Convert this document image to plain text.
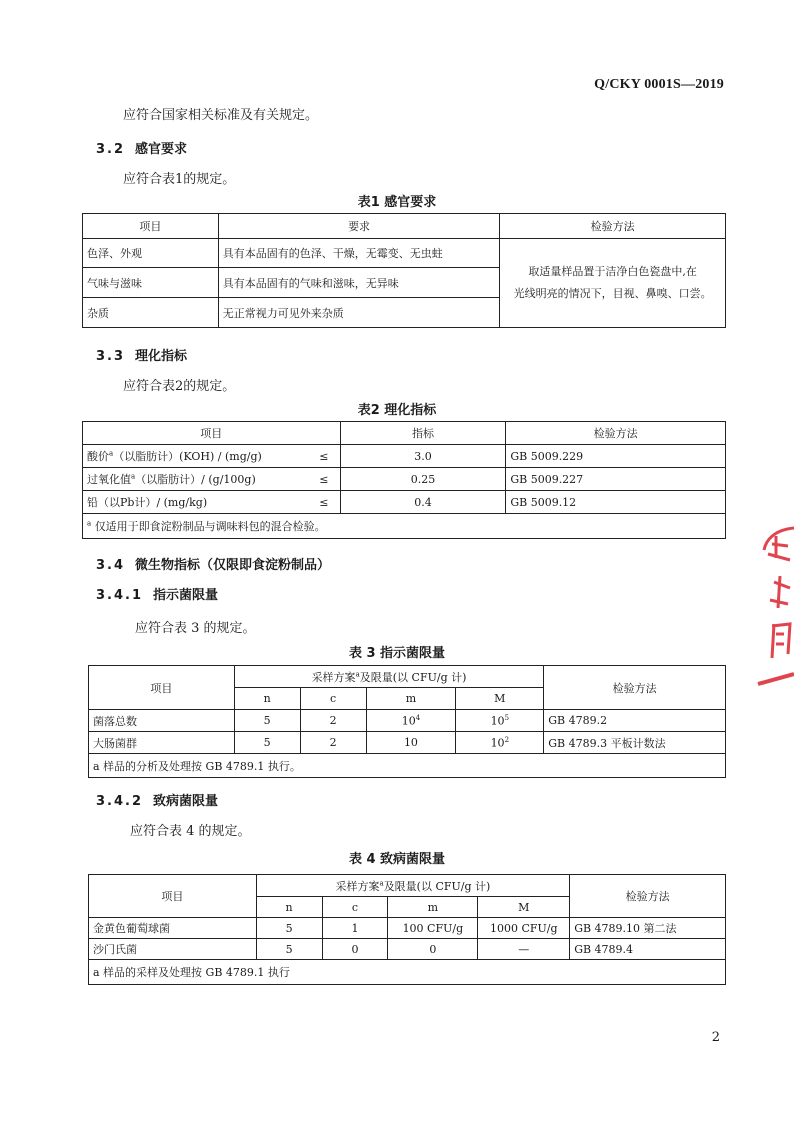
Q/CKY 0001S—2019
应符合国家相关标准及有关规定。
3.2 感官要求
应符合表1的规定。
表1 感官要求
项目	要求	检验方法
色泽、外观	具有本品固有的色泽、干燥，无霉变、无虫蛀	取适量样品置于洁净白色瓷盘中,在
光线明亮的情况下，目视、鼻嗅、口尝。

气味与滋味	具有本品固有的气味和滋味，无异味	
杂质	无正常视力可见外来杂质	
3.3 理化指标
应符合表2的规定。
表2 理化指标
项目		指标	检验方法
酸价$^a$（以脂肪计）(KOH) / (mg/g)	≤	3.0	GB 5009.229
过氧化值$^a$（以脂肪计）/ (g/100g)	≤	0.25	GB 5009.227
铅（以Pb计）/ (mg/kg)	≤	0.4	GB 5009.12
$^a$ 仅适用于即食淀粉制品与调味料包的混合检验。			
3.4 微生物指标（仅限即食淀粉制品）
3.4.1 指示菌限量
应符合表 3 的规定。
表 3 指示菌限量
项目	采样方案$^a$及限量(以 CFU/g 计)				检验方法
	n	c	m	M	
菌落总数	5	2	$10^4$	$10^5$	GB 4789.2
大肠菌群	5	2	10	$10^2$	GB 4789.3 平板计数法
a 样品的分析及处理按 GB 4789.1 执行。					
3.4.2 致病菌限量
应符合表 4 的规定。
表 4 致病菌限量
项目	采样方案$^a$及限量(以 CFU/g 计)				检验方法
	n	c	m	M	
金黄色葡萄球菌	5	1	100 CFU/g	1000 CFU/g	GB 4789.10 第二法
沙门氏菌	5	0	0	—	GB 4789.4
a 样品的采样及处理按 GB 4789.1 执行					
2
